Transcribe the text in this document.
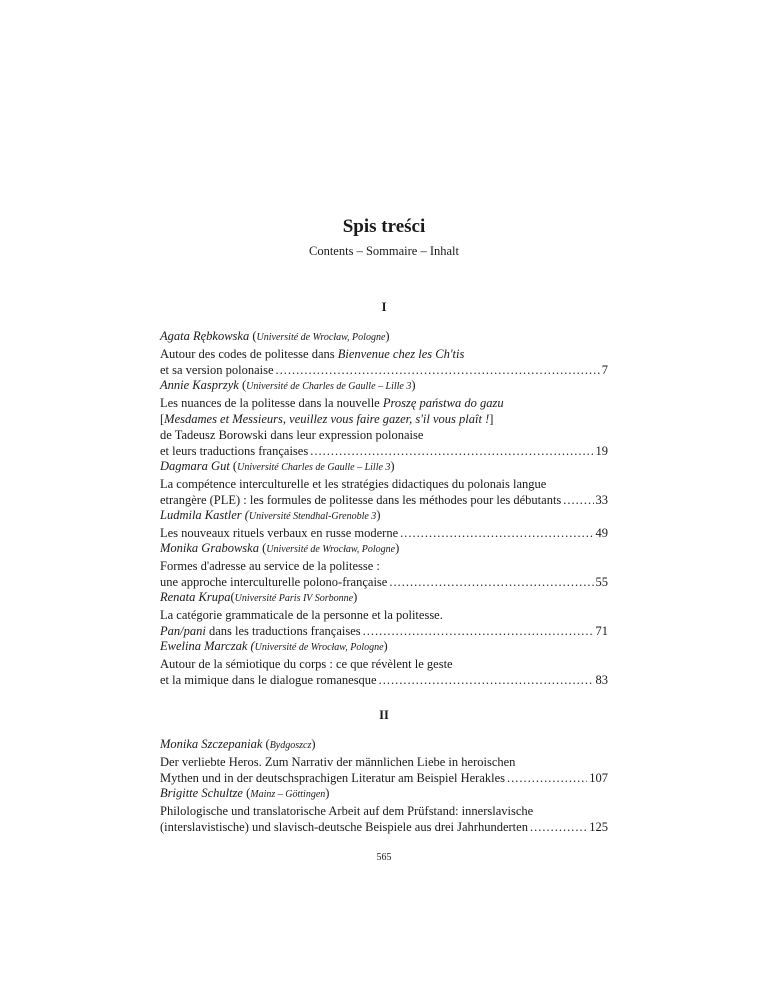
Spis treści
Contents – Sommaire – Inhalt
I
Agata Rębkowska (Université de Wrocław, Pologne)
Autour des codes de politesse dans Bienvenue chez les Ch'tis
et sa version polonaise .....	7
Annie Kasprzyk (Université de Charles de Gaulle – Lille 3)
Les nuances de la politesse dans la nouvelle Proszę państwa do gazu
[Mesdames et Messieurs, veuillez vous faire gazer, s'il vous plaît !]
de Tadeusz Borowski dans leur expression polonaise
et leurs traductions françaises .....	19
Dagmara Gut (Université Charles de Gaulle – Lille 3)
La compétence interculturelle et les stratégies didactiques du polonais langue
etrangère (PLE) : les formules de politesse dans les méthodes pour les débutants .....	33
Ludmila Kastler (Université Stendhal-Grenoble 3)
Les nouveaux rituels verbaux en russe moderne .....	49
Monika Grabowska (Université de Wrocław, Pologne)
Formes d'adresse au service de la politesse :
une approche interculturelle polono-française .....	55
Renata Krupa(Université Paris IV Sorbonne)
La catégorie grammaticale de la personne et la politesse.
Pan/pani dans les traductions françaises .....	71
Ewelina Marczak (Université de Wrocław, Pologne)
Autour de la sémiotique du corps : ce que révèlent le geste
et la mimique dans le dialogue romanesque .....	83
II
Monika Szczepaniak (Bydgoszcz)
Der verliebte Heros. Zum Narrativ der männlichen Liebe in heroischen
Mythen und in der deutschsprachigen Literatur am Beispiel Herakles .....	107
Brigitte Schultze (Mainz – Göttingen)
Philologische und translatorische Arbeit auf dem Prüfstand: innerslavische
(interslavistische) und slavisch-deutsche Beispiele aus drei Jahrhunderten .....	125
565
